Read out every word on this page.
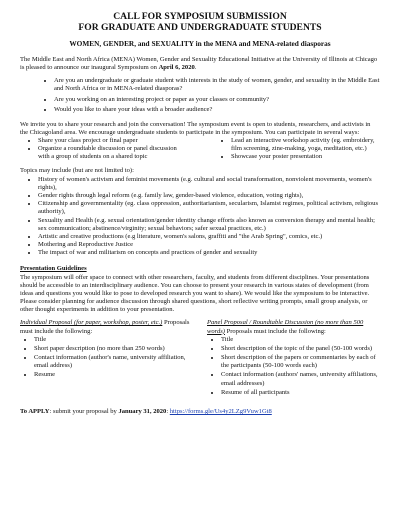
CALL FOR SYMPOSIUM SUBMISSION
FOR GRADUATE AND UNDERGRADUATE STUDENTS
WOMEN, GENDER, and SEXUALITY in the MENA and MENA-related diasporas

The Middle East and North Africa (MENA) Women, Gender and Sexuality Educational Initiative at the University of Illinois at Chicago is pleased to announce our inaugural Symposium on April 6, 2020.

• Are you an undergraduate or graduate student with interests in the study of women, gender, and sexuality in the Middle East and North Africa or in MENA-related diasporas?
• Are you working on an interesting project or paper as your classes or community?
• Would you like to share your ideas with a broader audience?

We invite you to share your research and join the conversation! The symposium event is open to students, researchers, and activists in the Chicagoland area. We encourage undergraduate students to participate in the symposium. You can participate in several ways:

• Share your class project or final paper
• Organize a roundtable discussion or panel discussion with a group of students on a shared topic
• Lead an interactive workshop activity (eg. embroidery, film screening, zine-making, yoga, meditation, etc.)
• Showcase your poster presentation

Topics may include (but are not limited to):

• History of women's activism and feminist movements (e.g. cultural and social transformation, nonviolent movements, women's rights),
• Gender rights through legal reform (e.g. family law, gender-based violence, education, voting rights),
• Citizenship and governmentality (eg. class oppression, authoritarianism, secularism, Islamist regimes, political activism, religious authority),
• Sexuality and Health (e.g. sexual orientation/gender identity change efforts also known as conversion therapy and mental health; sex communication; abstinence/virginity; sexual behaviors; safer sexual practices, etc.)
• Artistic and creative productions (e.g literature, women's salons, graffiti and "the Arab Spring", comics, etc.)
• Mothering and Reproductive Justice
• The impact of war and militarism on concepts and practices of gender and sexuality
Presentation Guidelines

The symposium will offer space to connect with other researchers, faculty, and students from different disciplines. Your presentations should be accessible to an interdisciplinary audience. You can choose to present your research in various states of development (from ideas and questions you would like to pose to developed research you want to share). We would like the symposium to be interactive. Please consider planning for audience discussion through shared questions, short reflective writing prompts, small group analysis, or other thought experiments in addition to your presentation.

Individual Proposal (for paper, workshop, poster, etc.) Proposals must include the following:
• Title
• Short paper description (no more than 250 words)
• Contact information (author's name, university affiliation, email address)
• Resume
Panel Proposal / Roundtable Discussion (no more than 500 words) Proposals must include the following:
• Title
• Short description of the topic of the panel (50-100 words)
• Short description of the papers or commentaries by each of the participants (50-100 words each)
• Contact information (authors' names, university affiliations, email addresses)
• Resume of all participants

To APPLY: submit your proposal by January 31, 2020: https://forms.gle/Us4y2LZg9Vuw1Gt8
